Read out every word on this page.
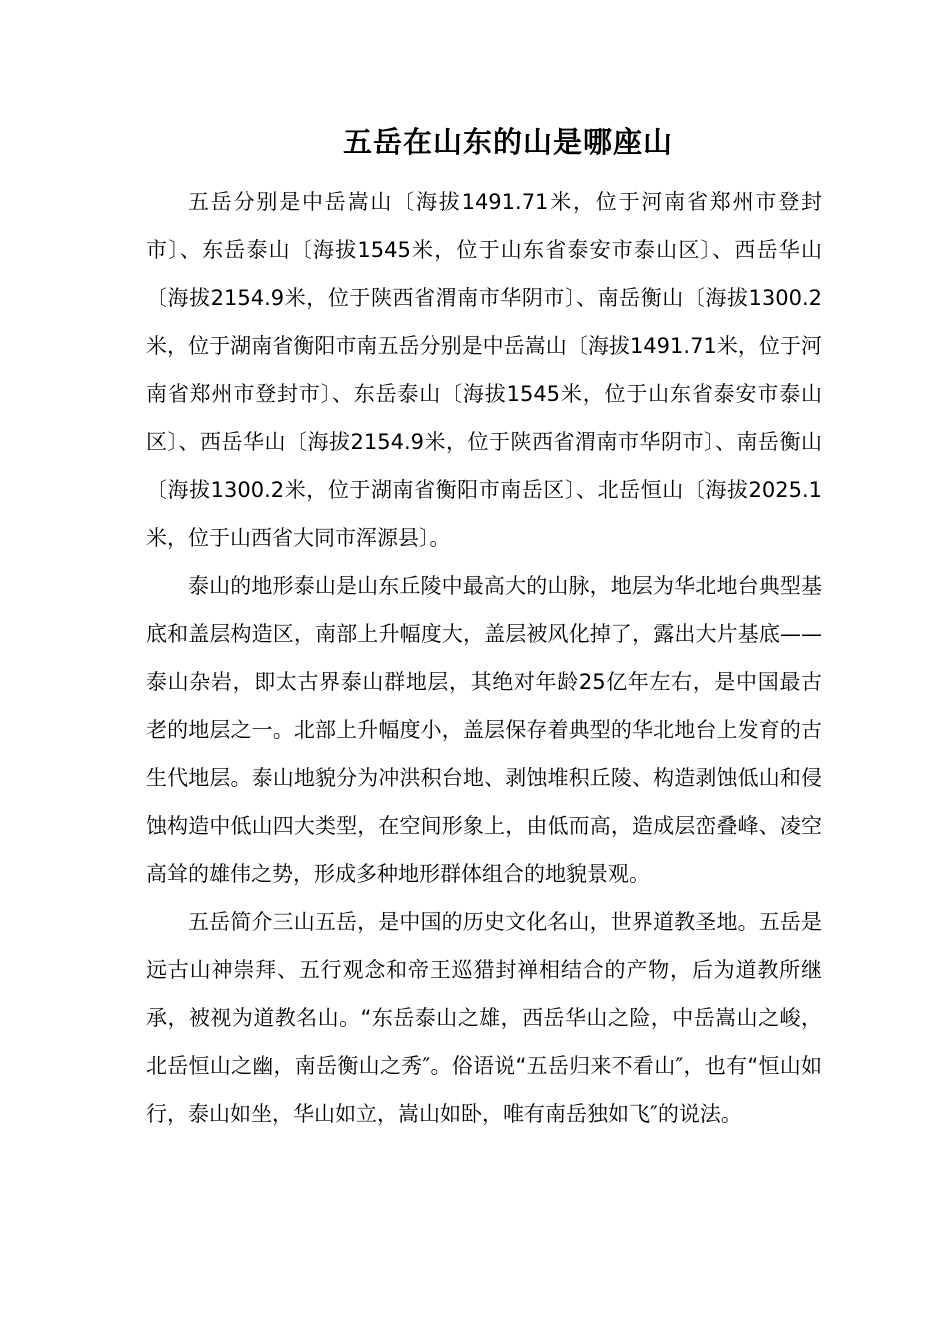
五岳在山东的山是哪座山

五岳分别是中岳嵩山〔海拔1491.71米，位于河南省郑州市登封市〕、东岳泰山〔海拔1545米，位于山东省泰安市泰山区〕、西岳华山〔海拔2154.9米，位于陕西省渭南市华阴市〕、南岳衡山〔海拔1300.2米，位于湖南省衡阳市南五岳分别是中岳嵩山〔海拔1491.71米，位于河南省郑州市登封市〕、东岳泰山〔海拔1545米，位于山东省泰安市泰山区〕、西岳华山〔海拔2154.9米，位于陕西省渭南市华阴市〕、南岳衡山〔海拔1300.2米，位于湖南省衡阳市南岳区〕、北岳恒山〔海拔2025.1米，位于山西省大同市浑源县〕。

泰山的地形泰山是山东丘陵中最高大的山脉，地层为华北地台典型基底和盖层构造区，南部上升幅度大，盖层被风化掉了，露出大片基底——泰山杂岩，即太古界泰山群地层，其绝对年龄25亿年左右，是中国最古老的地层之一。北部上升幅度小，盖层保存着典型的华北地台上发育的古生代地层。泰山地貌分为冲洪积台地、剥蚀堆积丘陵、构造剥蚀低山和侵蚀构造中低山四大类型，在空间形象上，由低而高，造成层峦叠峰、凌空高耸的雄伟之势，形成多种地形群体组合的地貌景观。

五岳简介三山五岳，是中国的历史文化名山，世界道教圣地。五岳是远古山神崇拜、五行观念和帝王巡猎封禅相结合的产物，后为道教所继承，被视为道教名山。“东岳泰山之雄，西岳华山之险，中岳嵩山之峻，北岳恒山之幽，南岳衡山之秀″。俗语说“五岳归来不看山″，也有“恒山如行，泰山如坐，华山如立，嵩山如卧，唯有南岳独如飞″的说法。
